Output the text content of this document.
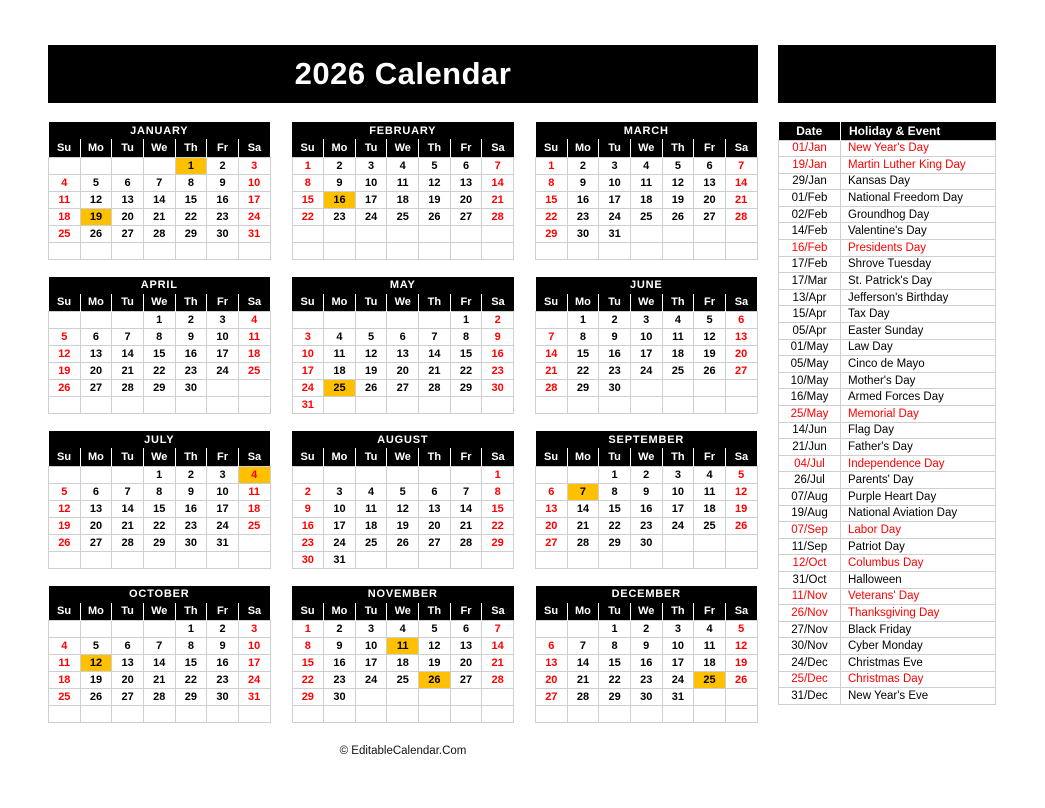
2026 Calendar
JANUARY						
Su	Mo	Tu	We	Th	Fr	Sa
				1	2	3
4	5	6	7	8	9	10
11	12	13	14	15	16	17
18	19	20	21	22	23	24
25	26	27	28	29	30	31

FEBRUARY						
Su	Mo	Tu	We	Th	Fr	Sa
1	2	3	4	5	6	7
8	9	10	11	12	13	14
15	16	17	18	19	20	21
22	23	24	25	26	27	28

MARCH						
Su	Mo	Tu	We	Th	Fr	Sa
1	2	3	4	5	6	7
8	9	10	11	12	13	14
15	16	17	18	19	20	21
22	23	24	25	26	27	28
29	30	31				

APRIL						
Su	Mo	Tu	We	Th	Fr	Sa
			1	2	3	4
5	6	7	8	9	10	11
12	13	14	15	16	17	18
19	20	21	22	23	24	25
26	27	28	29	30		

MAY						
Su	Mo	Tu	We	Th	Fr	Sa
					1	2
3	4	5	6	7	8	9
10	11	12	13	14	15	16
17	18	19	20	21	22	23
24	25	26	27	28	29	30
31						
JUNE						
Su	Mo	Tu	We	Th	Fr	Sa
	1	2	3	4	5	6
7	8	9	10	11	12	13
14	15	16	17	18	19	20
21	22	23	24	25	26	27
28	29	30				

JULY						
Su	Mo	Tu	We	Th	Fr	Sa
			1	2	3	4
5	6	7	8	9	10	11
12	13	14	15	16	17	18
19	20	21	22	23	24	25
26	27	28	29	30	31	

AUGUST						
Su	Mo	Tu	We	Th	Fr	Sa
						1
2	3	4	5	6	7	8
9	10	11	12	13	14	15
16	17	18	19	20	21	22
23	24	25	26	27	28	29
30	31					
SEPTEMBER						
Su	Mo	Tu	We	Th	Fr	Sa
		1	2	3	4	5
6	7	8	9	10	11	12
13	14	15	16	17	18	19
20	21	22	23	24	25	26
27	28	29	30			

OCTOBER						
Su	Mo	Tu	We	Th	Fr	Sa
				1	2	3
4	5	6	7	8	9	10
11	12	13	14	15	16	17
18	19	20	21	22	23	24
25	26	27	28	29	30	31

NOVEMBER						
Su	Mo	Tu	We	Th	Fr	Sa
1	2	3	4	5	6	7
8	9	10	11	12	13	14
15	16	17	18	19	20	21
22	23	24	25	26	27	28
29	30					

DECEMBER						
Su	Mo	Tu	We	Th	Fr	Sa
		1	2	3	4	5
6	7	8	9	10	11	12
13	14	15	16	17	18	19
20	21	22	23	24	25	26
27	28	29	30	31		

Date	Holiday & Event
01/Jan	New Year's Day
19/Jan	Martin Luther King Day
29/Jan	Kansas Day
01/Feb	National Freedom Day
02/Feb	Groundhog Day
14/Feb	Valentine's Day
16/Feb	Presidents Day
17/Feb	Shrove Tuesday
17/Mar	St. Patrick's Day
13/Apr	Jefferson's Birthday
15/Apr	Tax Day
05/Apr	Easter Sunday
01/May	Law Day
05/May	Cinco de Mayo
10/May	Mother's Day
16/May	Armed Forces Day
25/May	Memorial Day
14/Jun	Flag Day
21/Jun	Father's Day
04/Jul	Independence Day
26/Jul	Parents' Day
07/Aug	Purple Heart Day
19/Aug	National Aviation Day
07/Sep	Labor Day
11/Sep	Patriot Day
12/Oct	Columbus Day
31/Oct	Halloween
11/Nov	Veterans' Day
26/Nov	Thanksgiving Day
27/Nov	Black Friday
30/Nov	Cyber Monday
24/Dec	Christmas Eve
25/Dec	Christmas Day
31/Dec	New Year's Eve
© EditableCalendar.Com
